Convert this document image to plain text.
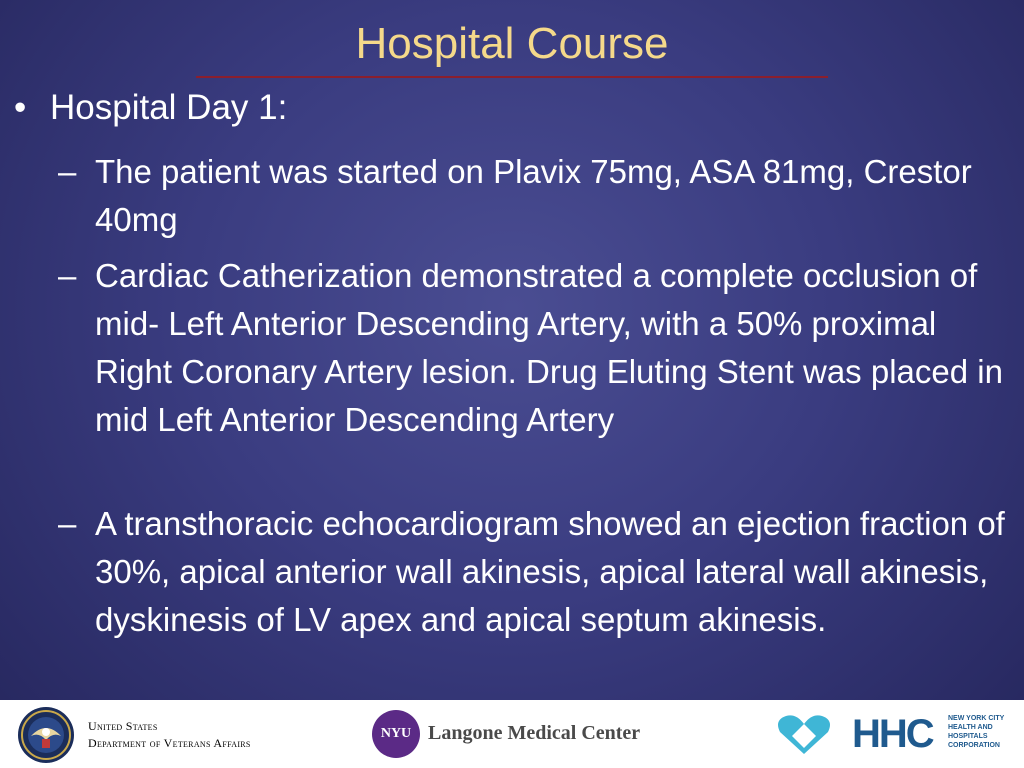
Hospital Course
• Hospital Day 1:
– The patient was started on Plavix 75mg, ASA 81mg, Crestor 40mg
– Cardiac Catherization demonstrated a complete occlusion of mid- Left Anterior Descending Artery, with a 50% proximal Right Coronary Artery lesion. Drug Eluting Stent was placed in mid Left Anterior Descending Artery
– A transthoracic echocardiogram showed an ejection fraction of 30%, apical anterior wall akinesis, apical lateral wall akinesis, dyskinesis of LV apex and apical septum akinesis.
United States
Department of Veterans Affairs
NYU Langone Medical Center	HHC NEW YORK CITY
HEALTH AND
HOSPITALS
CORPORATION
